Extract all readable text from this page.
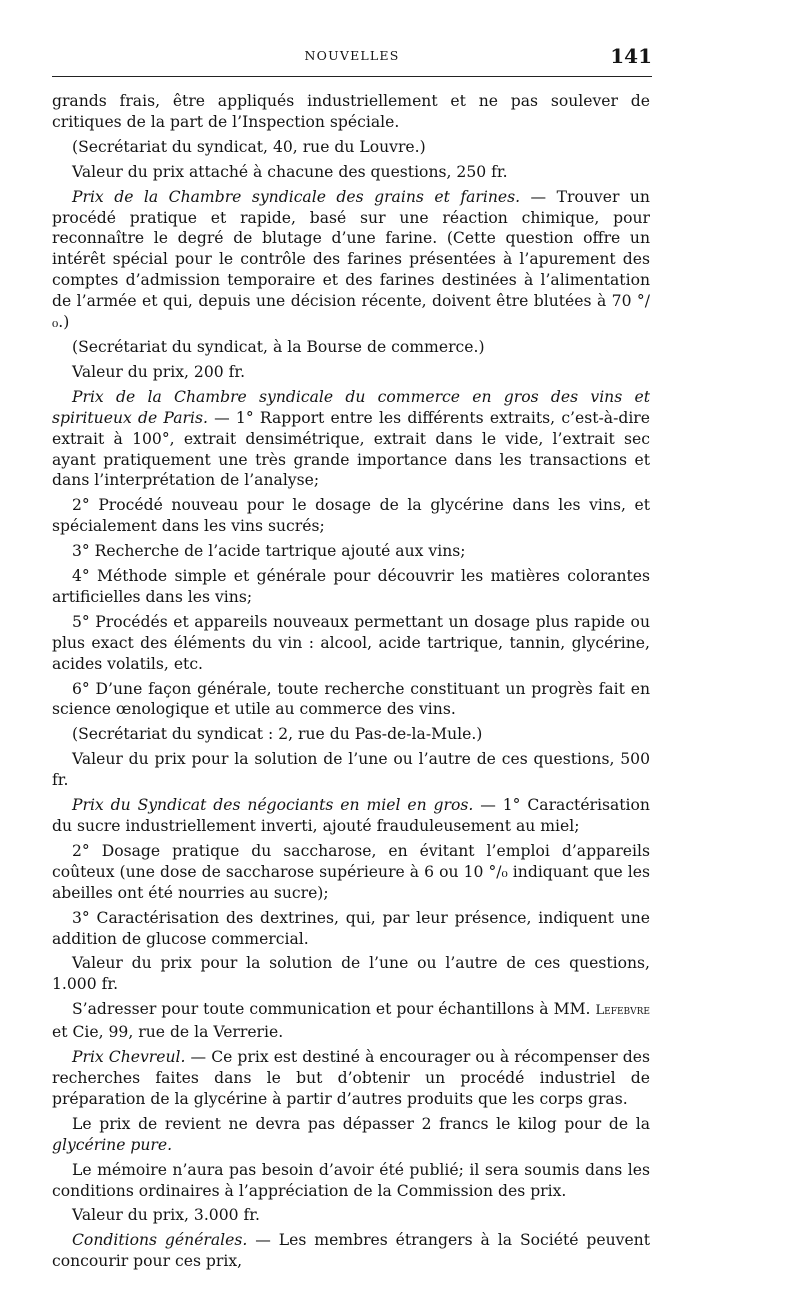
NOUVELLES	141

grands frais, être appliqués industriellement et ne pas soulever de critiques de la part de l’Inspection spéciale.

(Secrétariat du syndicat, 40, rue du Louvre.)

Valeur du prix attaché à chacune des questions, 250 fr.

Prix de la Chambre syndicale des grains et farines. — Trouver un procédé pratique et rapide, basé sur une réaction chimique, pour reconnaître le degré de blutage d’une farine. (Cette question offre un intérêt spécial pour le contrôle des farines présentées à l’apurement des comptes d’admission temporaire et des farines destinées à l’alimentation de l’armée et qui, depuis une décision récente, doivent être blutées à 70 °/₀.)

(Secrétariat du syndicat, à la Bourse de commerce.)

Valeur du prix, 200 fr.

Prix de la Chambre syndicale du commerce en gros des vins et spiritueux de Paris. — 1° Rapport entre les différents extraits, c’est-à-dire extrait à 100°, extrait densimétrique, extrait dans le vide, l’extrait sec ayant pratiquement une très grande importance dans les transactions et dans l’interprétation de l’analyse;

2° Procédé nouveau pour le dosage de la glycérine dans les vins, et spécialement dans les vins sucrés;

3° Recherche de l’acide tartrique ajouté aux vins;

4° Méthode simple et générale pour découvrir les matières colorantes artificielles dans les vins;

5° Procédés et appareils nouveaux permettant un dosage plus rapide ou plus exact des éléments du vin : alcool, acide tartrique, tannin, glycérine, acides volatils, etc.

6° D’une façon générale, toute recherche constituant un progrès fait en science œnologique et utile au commerce des vins.

(Secrétariat du syndicat : 2, rue du Pas-de-la-Mule.)

Valeur du prix pour la solution de l’une ou l’autre de ces questions, 500 fr.

Prix du Syndicat des négociants en miel en gros. — 1° Caractérisation du sucre industriellement inverti, ajouté frauduleusement au miel;

2° Dosage pratique du saccharose, en évitant l’emploi d’appareils coûteux (une dose de saccharose supérieure à 6 ou 10 °/₀ indiquant que les abeilles ont été nourries au sucre);

3° Caractérisation des dextrines, qui, par leur présence, indiquent une addition de glucose commercial.

Valeur du prix pour la solution de l’une ou l’autre de ces questions, 1.000 fr.

S’adresser pour toute communication et pour échantillons à MM. Lefebvre et Cie, 99, rue de la Verrerie.

Prix Chevreul. — Ce prix est destiné à encourager ou à récompenser des recherches faites dans le but d’obtenir un procédé industriel de préparation de la glycérine à partir d’autres produits que les corps gras.

Le prix de revient ne devra pas dépasser 2 francs le kilog pour de la glycérine pure.

Le mémoire n’aura pas besoin d’avoir été publié; il sera soumis dans les conditions ordinaires à l’appréciation de la Commission des prix.

Valeur du prix, 3.000 fr.

Conditions générales. — Les membres étrangers à la Société peuvent concourir pour ces prix,
